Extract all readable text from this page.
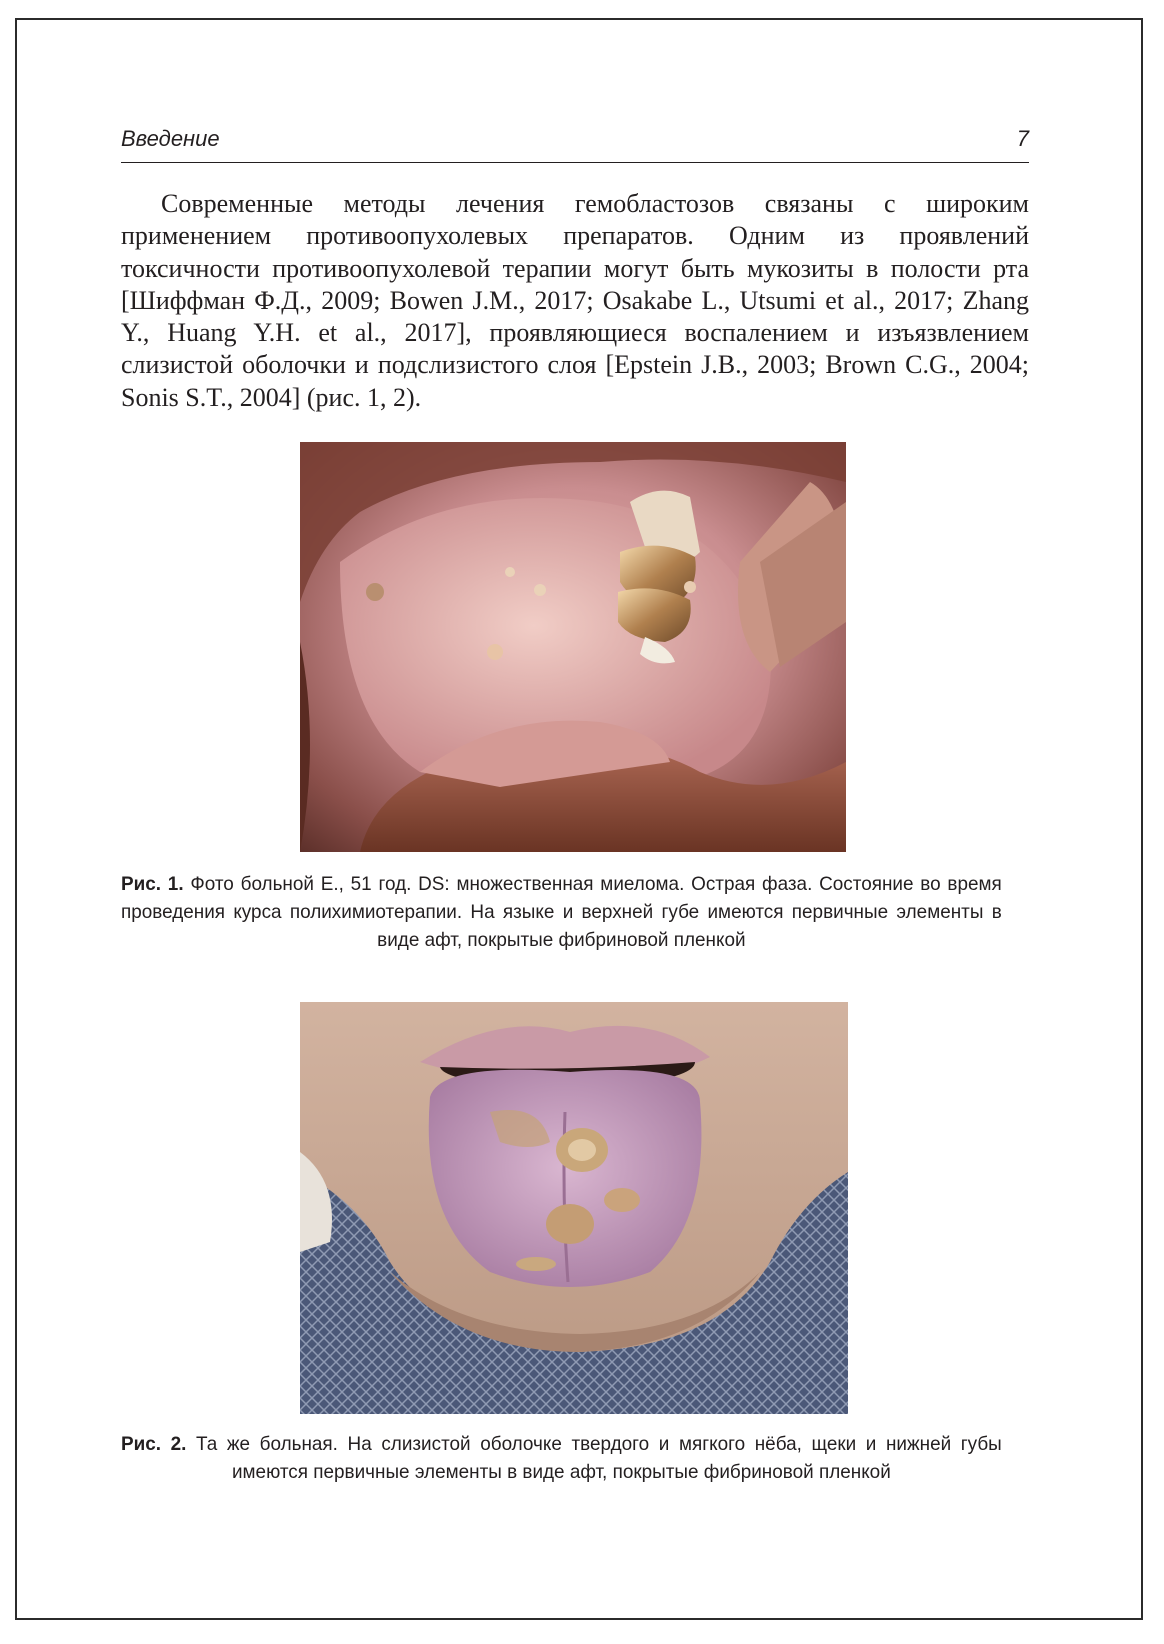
Введение	7

Современные методы лечения гемобластозов связаны с широким применением противоопухолевых препаратов. Одним из проявлений токсичности противоопухолевой терапии могут быть мукозиты в полости рта [Шиффман Ф.Д., 2009; Bowen J.M., 2017; Osakabe L., Utsumi et al., 2017; Zhang Y., Huang Y.H. et al., 2017], проявляющиеся воспалением и изъязвлением слизистой оболочки и подслизистого слоя [Epstein J.B., 2003; Brown C.G., 2004; Sonis S.T., 2004] (рис. 1, 2).

Рис. 1. Фото больной Е., 51 год. DS: множественная миелома. Острая фаза. Состояние во время проведения курса полихимиотерапии. На языке и верхней губе имеются первичные элементы в виде афт, покрытые фибриновой пленкой

Рис. 2. Та же больная. На слизистой оболочке твердого и мягкого нёба, щеки и нижней губы имеются первичные элементы в виде афт, покрытые фибриновой пленкой
